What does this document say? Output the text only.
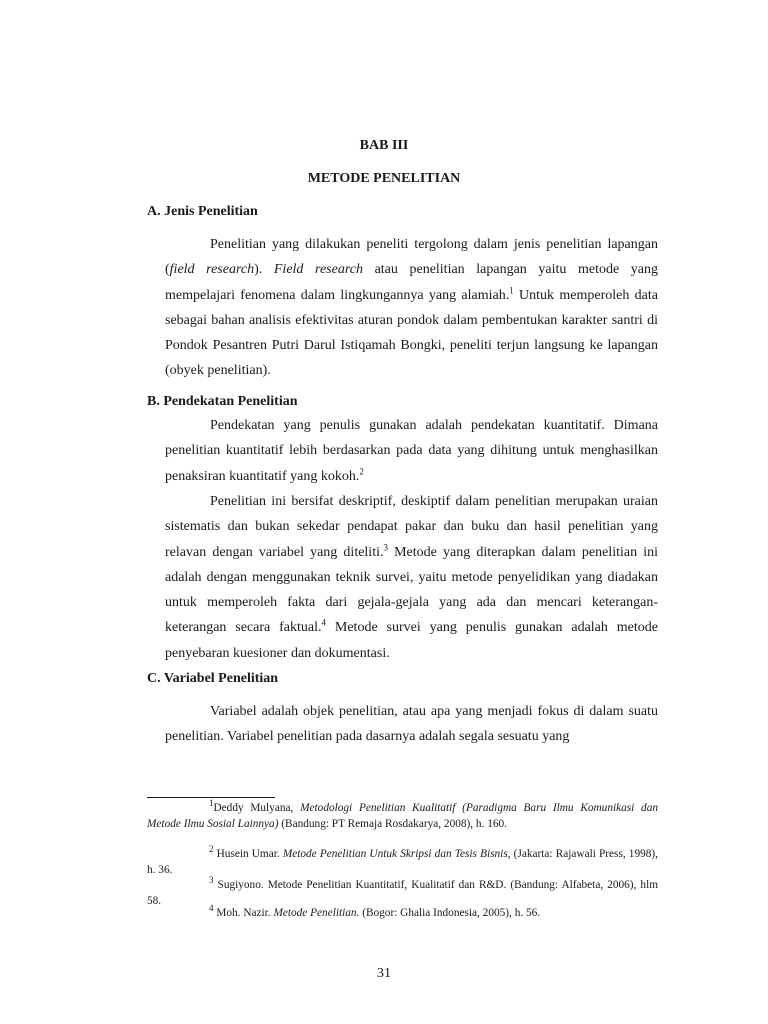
BAB III
METODE PENELITIAN
A. Jenis Penelitian

Penelitian yang dilakukan peneliti tergolong dalam jenis penelitian lapangan (field research). Field research atau penelitian lapangan yaitu metode yang mempelajari fenomena dalam lingkungannya yang alamiah.$^1$ Untuk memperoleh data sebagai bahan analisis efektivitas aturan pondok dalam pembentukan karakter santri di Pondok Pesantren Putri Darul Istiqamah Bongki, peneliti terjun langsung ke lapangan (obyek penelitian).

B. Pendekatan Penelitian

Pendekatan yang penulis gunakan adalah pendekatan kuantitatif. Dimana penelitian kuantitatif lebih berdasarkan pada data yang dihitung untuk menghasilkan penaksiran kuantitatif yang kokoh.$^2$

Penelitian ini bersifat deskriptif, deskiptif dalam penelitian merupakan uraian sistematis dan bukan sekedar pendapat pakar dan buku dan hasil penelitian yang relavan dengan variabel yang diteliti.$^3$ Metode yang diterapkan dalam penelitian ini adalah dengan menggunakan teknik survei, yaitu metode penyelidikan yang diadakan untuk memperoleh fakta dari gejala-gejala yang ada dan mencari keterangan-keterangan secara faktual.$^4$ Metode survei yang penulis gunakan adalah metode penyebaran kuesioner dan dokumentasi.

C. Variabel Penelitian

Variabel adalah objek penelitian, atau apa yang menjadi fokus di dalam suatu penelitian. Variabel penelitian pada dasarnya adalah segala sesuatu yang

$^1$Deddy Mulyana, Metodologi Penelitian Kualitatif (Paradigma Baru Ilmu Komunikasi dan Metode Ilmu Sosial Lainnya) (Bandung: PT Remaja Rosdakarya, 2008), h. 160.

$^2$ Husein Umar. Metode Penelitian Untuk Skripsi dan Tesis Bisnis, (Jakarta: Rajawali Press, 1998), h. 36.

$^3$ Sugiyono. Metode Penelitian Kuantitatif, Kualitatif dan R&D. (Bandung: Alfabeta, 2006), hlm 58.

$^4$ Moh. Nazir. Metode Penelitian. (Bogor: Ghalia Indonesia, 2005), h. 56.

31
